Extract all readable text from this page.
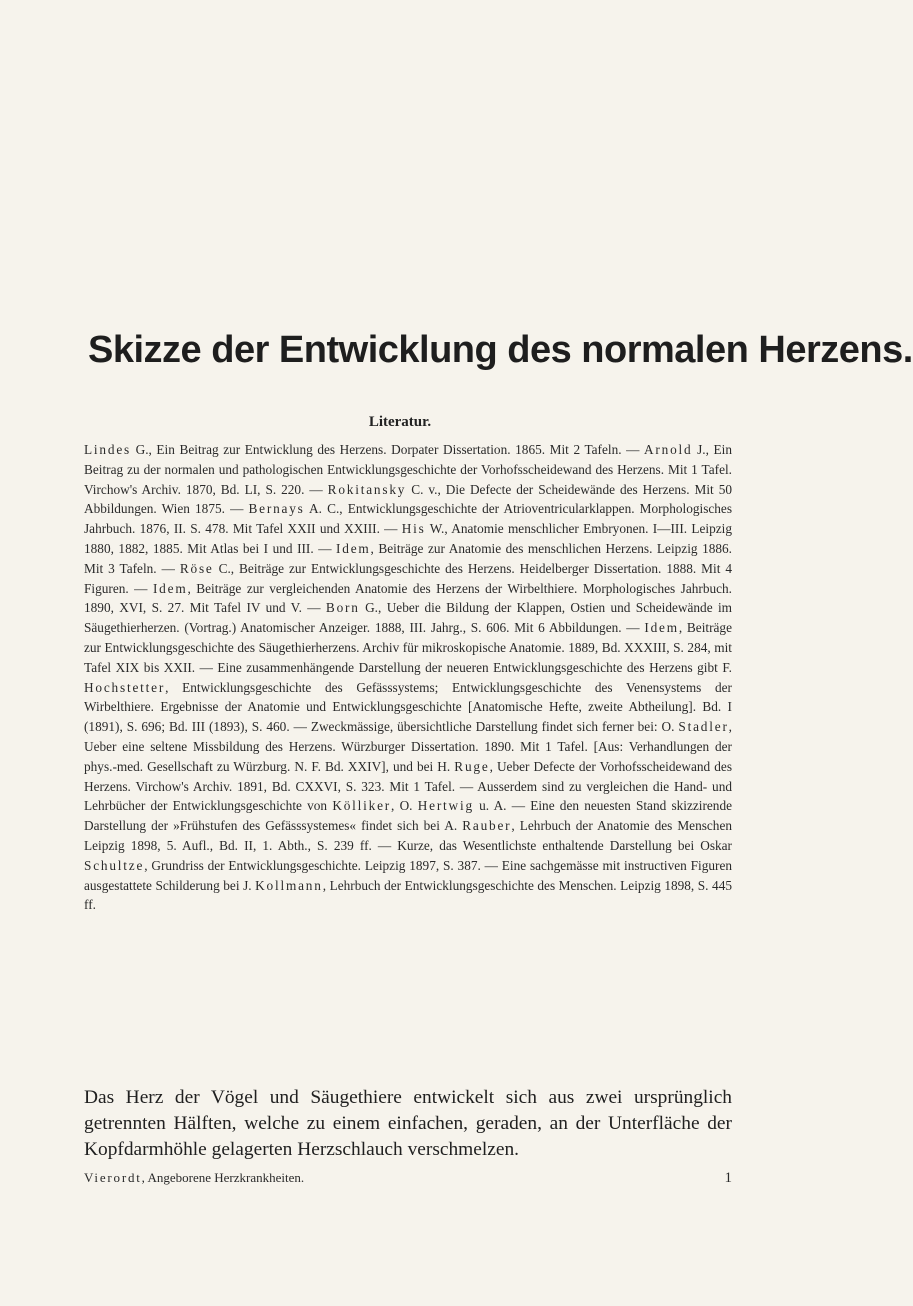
Skizze der Entwicklung des normalen Herzens.
Literatur.

Lindes G., Ein Beitrag zur Entwicklung des Herzens. Dorpater Dissertation. 1865. Mit 2 Tafeln. — Arnold J., Ein Beitrag zu der normalen und pathologischen Entwicklungsgeschichte der Vorhofsscheidewand des Herzens. Mit 1 Tafel. Virchow's Archiv. 1870, Bd. LI, S. 220. — Rokitansky C. v., Die Defecte der Scheidewände des Herzens. Mit 50 Abbildungen. Wien 1875. — Bernays A. C., Entwicklungsgeschichte der Atrioventricularklappen. Morphologisches Jahrbuch. 1876, II. S. 478. Mit Tafel XXII und XXIII. — His W., Anatomie menschlicher Embryonen. I—III. Leipzig 1880, 1882, 1885. Mit Atlas bei I und III. — Idem, Beiträge zur Anatomie des menschlichen Herzens. Leipzig 1886. Mit 3 Tafeln. — Röse C., Beiträge zur Entwicklungsgeschichte des Herzens. Heidelberger Dissertation. 1888. Mit 4 Figuren. — Idem, Beiträge zur vergleichenden Anatomie des Herzens der Wirbelthiere. Morphologisches Jahrbuch. 1890, XVI, S. 27. Mit Tafel IV und V. — Born G., Ueber die Bildung der Klappen, Ostien und Scheidewände im Säugethierherzen. (Vortrag.) Anatomischer Anzeiger. 1888, III. Jahrg., S. 606. Mit 6 Abbildungen. — Idem, Beiträge zur Entwicklungsgeschichte des Säugethierherzens. Archiv für mikroskopische Anatomie. 1889, Bd. XXXIII, S. 284, mit Tafel XIX bis XXII. — Eine zusammenhängende Darstellung der neueren Entwicklungsgeschichte des Herzens gibt F. Hochstetter, Entwicklungsgeschichte des Gefässsystems; Entwicklungsgeschichte des Venensystems der Wirbelthiere. Ergebnisse der Anatomie und Entwicklungsgeschichte [Anatomische Hefte, zweite Abtheilung]. Bd. I (1891), S. 696; Bd. III (1893), S. 460. — Zweckmässige, übersichtliche Darstellung findet sich ferner bei: O. Stadler, Ueber eine seltene Missbildung des Herzens. Würzburger Dissertation. 1890. Mit 1 Tafel. [Aus: Verhandlungen der phys.-med. Gesellschaft zu Würzburg. N. F. Bd. XXIV], und bei H. Ruge, Ueber Defecte der Vorhofsscheidewand des Herzens. Virchow's Archiv. 1891, Bd. CXXVI, S. 323. Mit 1 Tafel. — Ausserdem sind zu vergleichen die Hand- und Lehrbücher der Entwicklungsgeschichte von Kölliker, O. Hertwig u. A. — Eine den neuesten Stand skizzirende Darstellung der »Frühstufen des Gefässsystemes« findet sich bei A. Rauber, Lehrbuch der Anatomie des Menschen Leipzig 1898, 5. Aufl., Bd. II, 1. Abth., S. 239 ff. — Kurze, das Wesentlichste enthaltende Darstellung bei Oskar Schultze, Grundriss der Entwicklungsgeschichte. Leipzig 1897, S. 387. — Eine sachgemässe mit instructiven Figuren ausgestattete Schilderung bei J. Kollmann, Lehrbuch der Entwicklungsgeschichte des Menschen. Leipzig 1898, S. 445 ff.

Das Herz der Vögel und Säugethiere entwickelt sich aus zwei ursprünglich getrennten Hälften, welche zu einem einfachen, geraden, an der Unterfläche der Kopfdarmhöhle gelagerten Herzschlauch verschmelzen.

Vierordt, Angeborene Herzkrankheiten.	1
